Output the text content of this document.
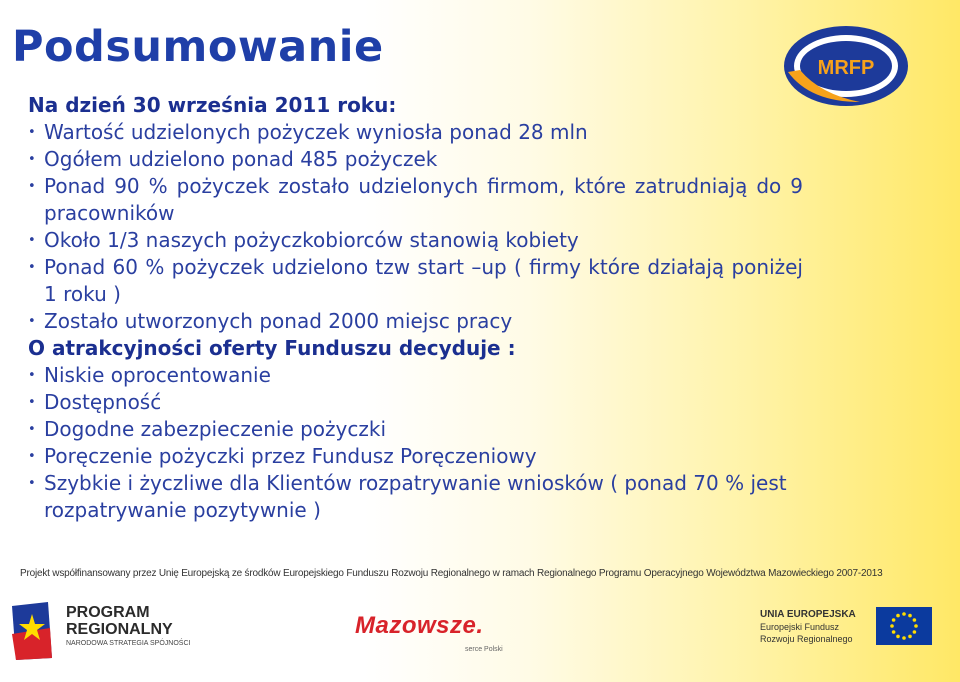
Podsumowanie	MRFP
Na dzień 30 września 2011 roku:
• Wartość udzielonych pożyczek wyniosła ponad 28 mln
• Ogółem udzielono ponad 485 pożyczek
• Ponad 90 % pożyczek zostało udzielonych firmom, które zatrudniają do 9 pracowników
• Około 1/3 naszych pożyczkobiorców stanowią kobiety
• Ponad 60 % pożyczek udzielono tzw start –up ( firmy które działają poniżej 1 roku )
• Zostało utworzonych ponad 2000 miejsc pracy
O atrakcyjności oferty Funduszu decyduje :
• Niskie oprocentowanie
• Dostępność
• Dogodne zabezpieczenie pożyczki
• Poręczenie pożyczki przez Fundusz Poręczeniowy
• Szybkie i życzliwe dla Klientów rozpatrywanie wniosków ( ponad 70 % jest rozpatrywanie pozytywnie )
Projekt współfinansowany przez Unię Europejską ze środków Europejskiego Funduszu Rozwoju Regionalnego w ramach Regionalnego Programu Operacyjnego Województwa Mazowieckiego 2007-2013
PROGRAM
REGIONALNY
NARODOWA STRATEGIA SPÓJNOŚCI
Mazowsze.
serce Polski
UNIA EUROPEJSKA
Europejski Fundusz
Rozwoju Regionalnego
